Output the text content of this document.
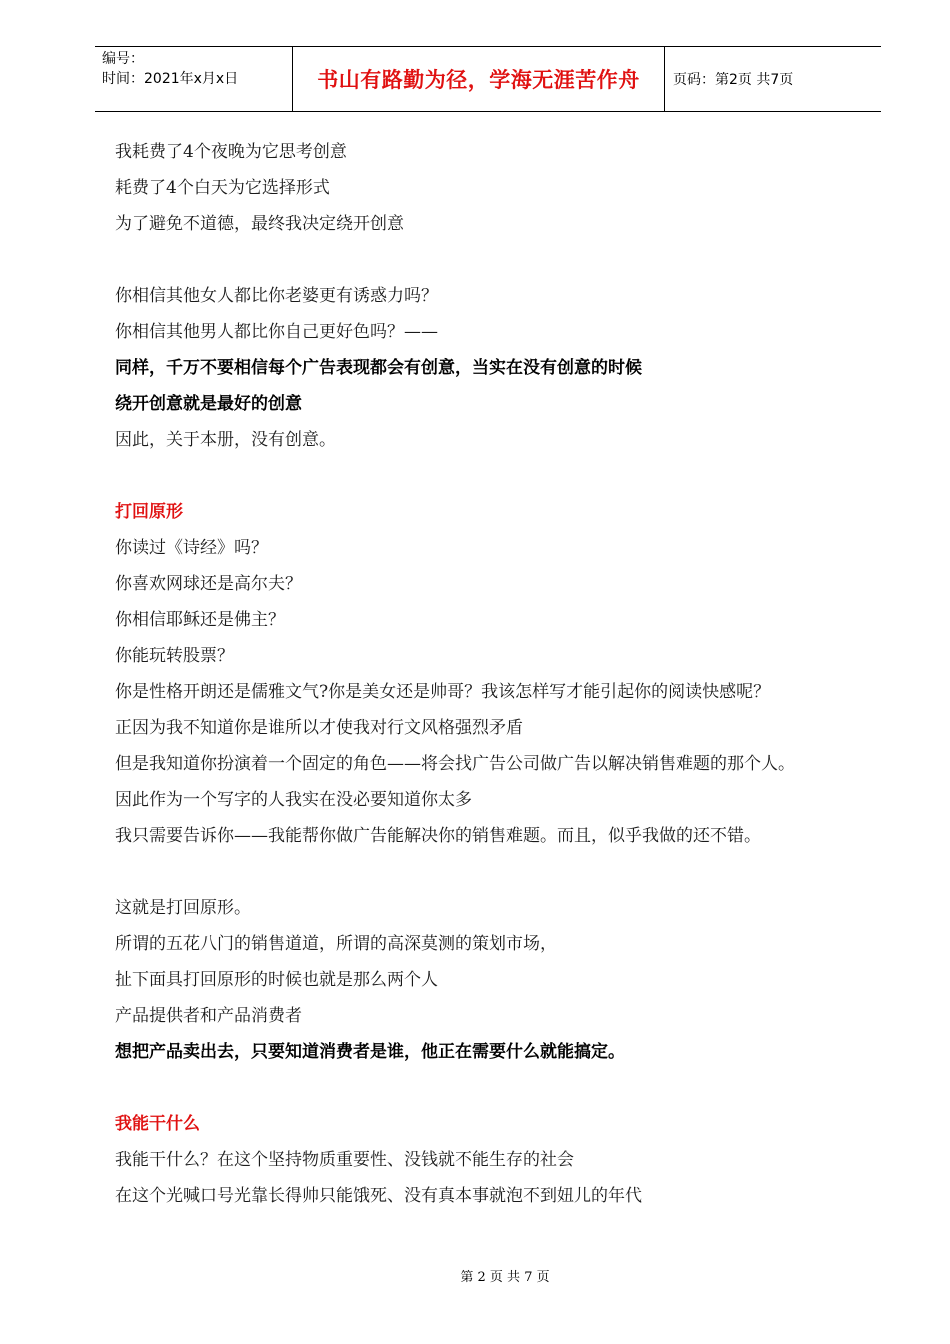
编号：
时间：2021年x月x日	书山有路勤为径，学海无涯苦作舟	页码：第2页 共7页
我耗费了4个夜晚为它思考创意
耗费了4个白天为它选择形式
为了避免不道德，最终我决定绕开创意
你相信其他女人都比你老婆更有诱惑力吗？
你相信其他男人都比你自己更好色吗？——
同样，千万不要相信每个广告表现都会有创意，当实在没有创意的时候
绕开创意就是最好的创意
因此，关于本册，没有创意。
打回原形
你读过《诗经》吗？
你喜欢网球还是高尔夫？
你相信耶稣还是佛主？
你能玩转股票？
你是性格开朗还是儒雅文气?你是美女还是帅哥？我该怎样写才能引起你的阅读快感呢？
正因为我不知道你是谁所以才使我对行文风格强烈矛盾
但是我知道你扮演着一个固定的角色——将会找广告公司做广告以解决销售难题的那个人。
因此作为一个写字的人我实在没必要知道你太多
我只需要告诉你——我能帮你做广告能解决你的销售难题。而且，似乎我做的还不错。
这就是打回原形。
所谓的五花八门的销售道道，所谓的高深莫测的策划市场，
扯下面具打回原形的时候也就是那么两个人
产品提供者和产品消费者
想把产品卖出去，只要知道消费者是谁，他正在需要什么就能搞定。
我能干什么
我能干什么？在这个坚持物质重要性、没钱就不能生存的社会
在这个光喊口号光靠长得帅只能饿死、没有真本事就泡不到妞儿的年代
第 2 页 共 7 页
